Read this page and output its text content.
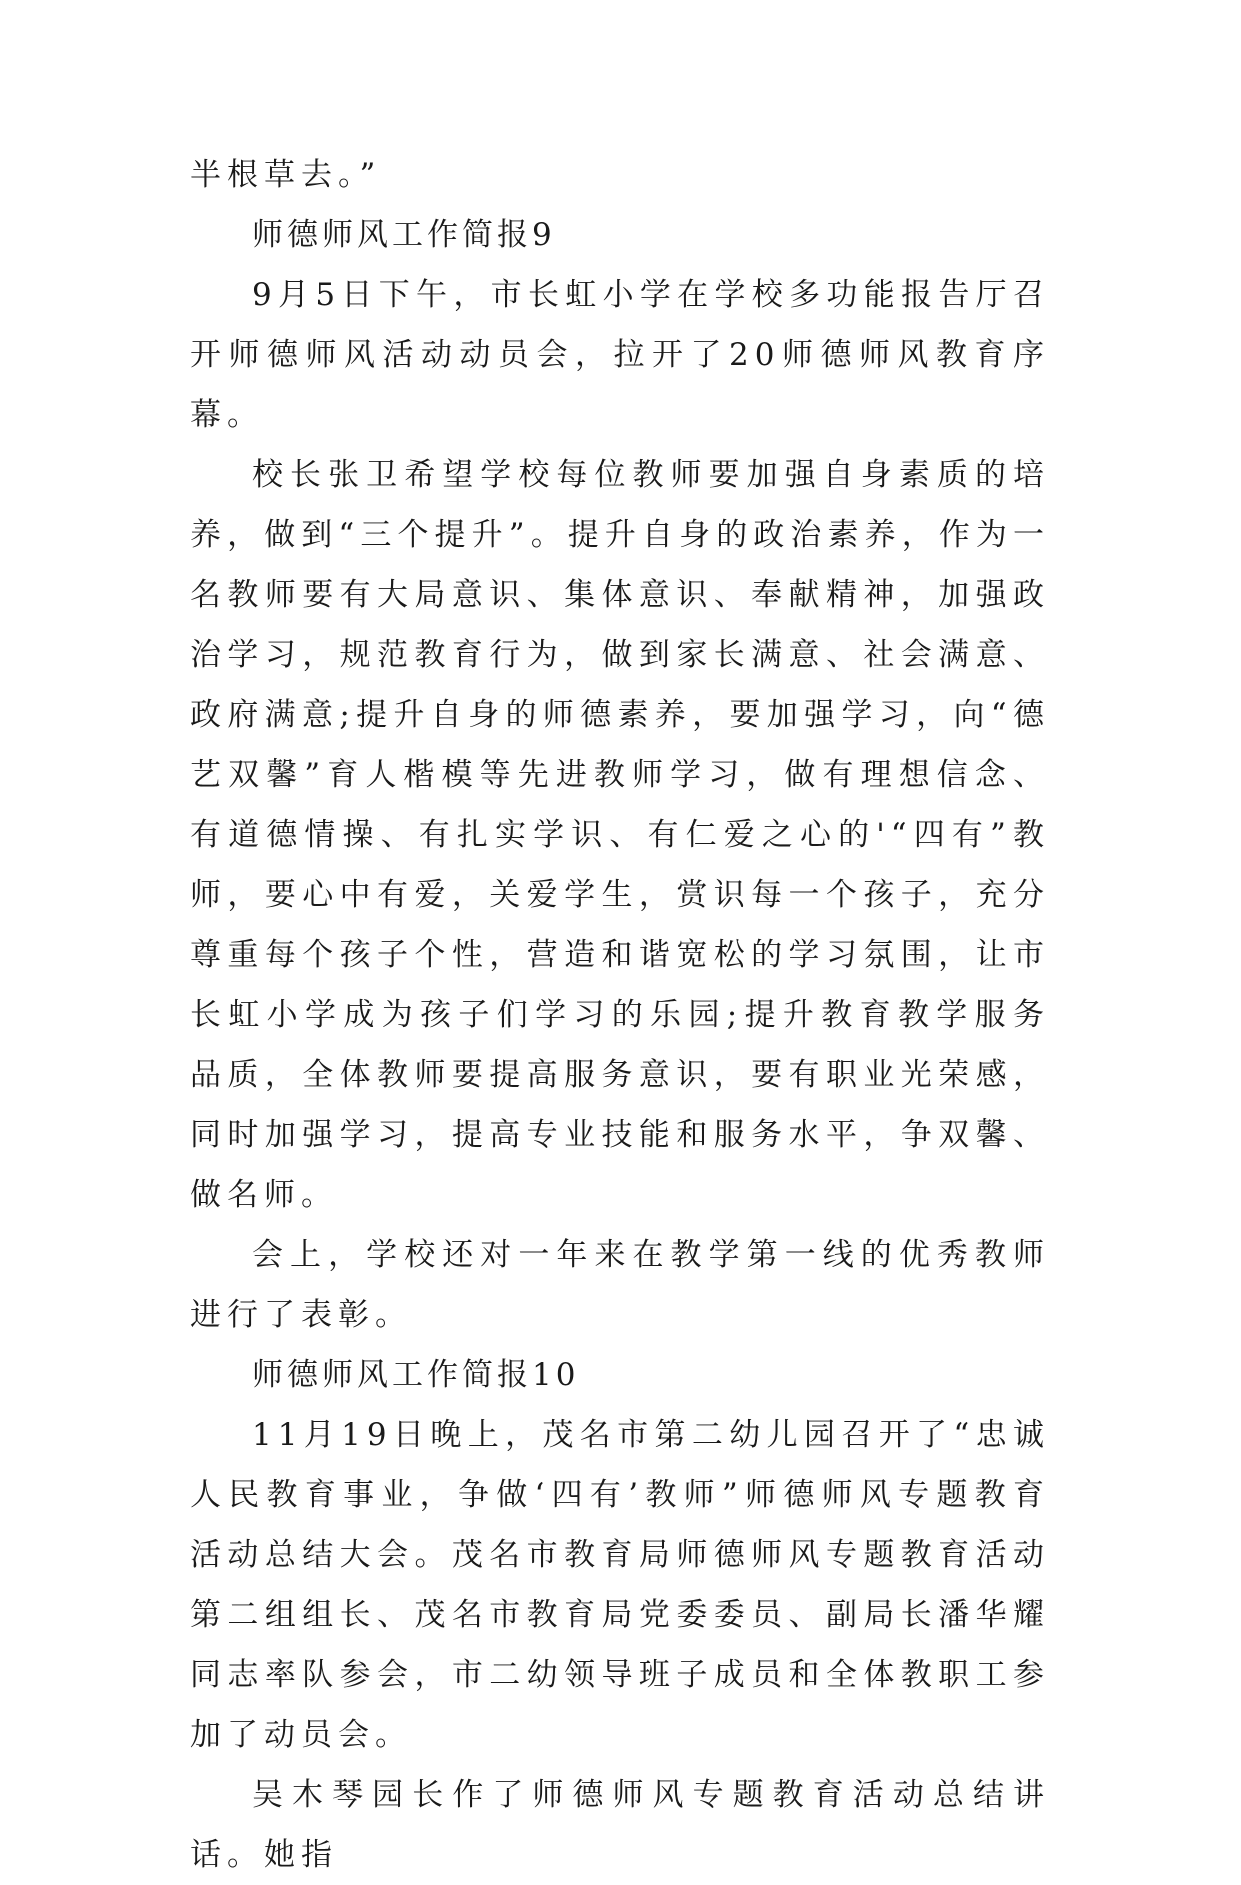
半根草去。”

师德师风工作简报9

9月5日下午，市长虹小学在学校多功能报告厅召开师德师风活动动员会，拉开了20师德师风教育序幕。

校长张卫希望学校每位教师要加强自身素质的培养，做到“三个提升”。提升自身的政治素养，作为一名教师要有大局意识、集体意识、奉献精神，加强政治学习，规范教育行为，做到家长满意、社会满意、政府满意;提升自身的师德素养，要加强学习，向“德艺双馨”育人楷模等先进教师学习，做有理想信念、有道德情操、有扎实学识、有仁爱之心的'“四有”教师，要心中有爱，关爱学生，赏识每一个孩子，充分尊重每个孩子个性，营造和谐宽松的学习氛围，让市长虹小学成为孩子们学习的乐园;提升教育教学服务品质，全体教师要提高服务意识，要有职业光荣感，同时加强学习，提高专业技能和服务水平，争双馨、做名师。

会上，学校还对一年来在教学第一线的优秀教师进行了表彰。

师德师风工作简报10

11月19日晚上，茂名市第二幼儿园召开了“忠诚人民教育事业，争做‘四有’教师”师德师风专题教育活动总结大会。茂名市教育局师德师风专题教育活动第二组组长、茂名市教育局党委委员、副局长潘华耀同志率队参会，市二幼领导班子成员和全体教职工参加了动员会。

吴木琴园长作了师德师风专题教育活动总结讲话。她指
